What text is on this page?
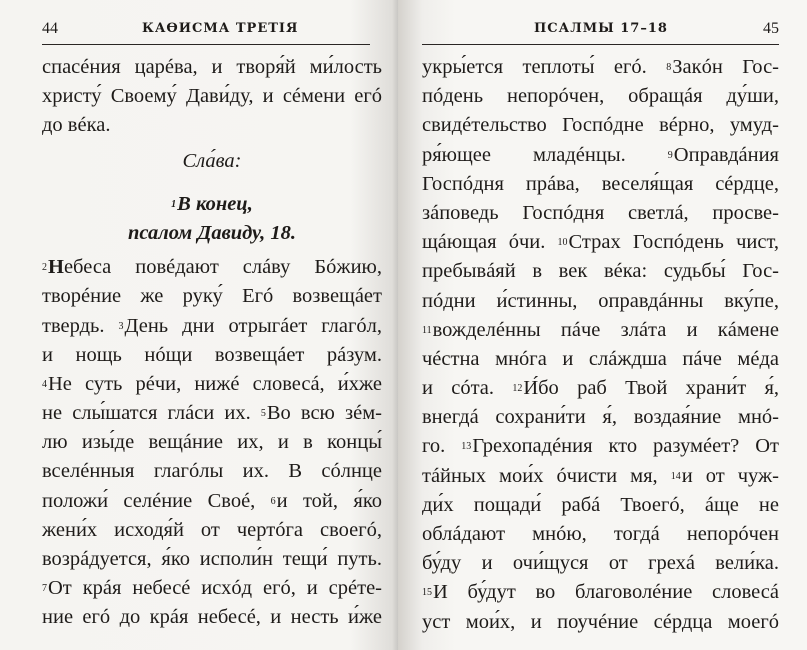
44	КАѲИСМА ТРЕТІЯ
спасéния царéва, и творя́й ми́лость
христу́ Своему́ Дави́ду, и сéмени егó
до вéка.
Сла́ва:
$^1$В конец,
псалом Давиду, 18.
$^2$Небеса повéдают слáву Бóжию,
творéние же руку́ Егó возвещáет
твердь. $^3$День дни отрыгáет глагóл,
и нощь нóщи возвещáет рáзум.
$^4$Не суть рéчи, нижé словесá, и́хже
не слы́шатся глáси их. $^5$Во всю зéм-
лю изы́де вещáние их, и в концы́
вселéнныя глагóлы их. В сóлнце
положи́ селéние Своé, $^6$и той, я́ко
жени́х исходя́й от чертóга своегó,
возрáдуется, я́ко исполи́н тещи́ путь.
$^7$От крáя небесé исхóд егó, и срéте-
ние егó до крáя небесé, и несть и́же
ПСАЛМЫ 17–18	45
укры́ется теплоты́ егó. $^8$Закóн Гос-
пóдень непорóчен, обращáя ду́ши,
свидéтельство Госпóдне вéрно, умуд-
ря́ющее младéнцы. $^9$Оправдáния
Госпóдня прáва, веселя́щая сéрдце,
зáповедь Госпóдня светлá, просве-
щáющая óчи. $^{10}$Страх Госпóдень чист,
пребывáяй в век вéка: судьбы́ Гос-
пóдни и́стинны, оправдáнны вку́пе,
$^{11}$вожделéнны пáче злáта и кáмене
чéстна мнóга и слáждша пáче мéда
и сóта. $^{12}$И́бо раб Твой храни́т я́,
внегдá сохрани́ти я́, воздая́ние мнó-
го. $^{13}$Грехопадéния кто разумéет? От
тáйных мои́х óчисти мя, $^{14}$и от чуж-
ди́х пощади́ рабá Твоегó, áще не
облáдают мнóю, тогдá непорóчен
бу́ду и очи́щуся от грехá вели́ка.
$^{15}$И бу́дут во благоволéние словесá
уст мои́х, и поучéние сéрдца моегó
